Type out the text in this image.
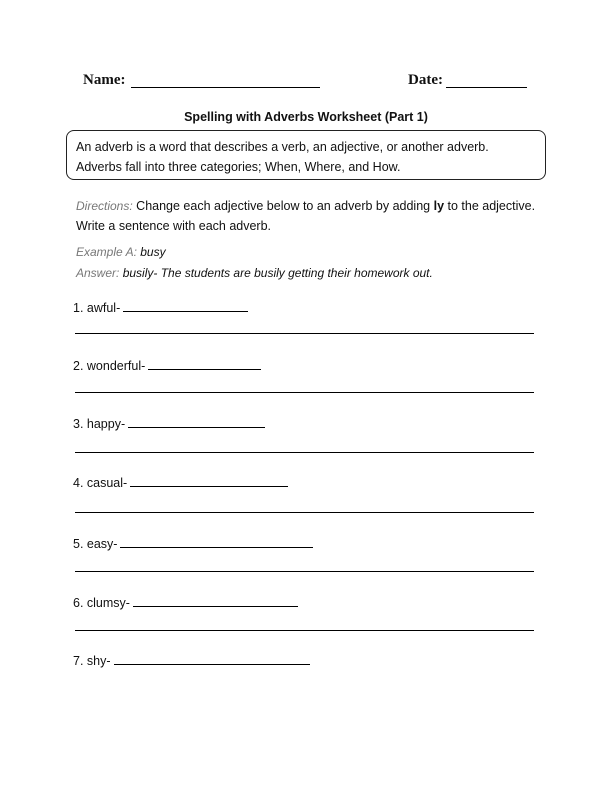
Name:	Date:
Spelling with Adverbs Worksheet (Part 1)
An adverb is a word that describes a verb, an adjective, or another adverb.
Adverbs fall into three categories; When, Where, and How.
Directions: Change each adjective below to an adverb by adding ly to the adjective. Write a sentence with each adverb.
Example A: busy
Answer: busily- The students are busily getting their homework out.
1. awful-
2. wonderful-
3. happy-
4. casual-
5. easy-
6. clumsy-
7. shy-
